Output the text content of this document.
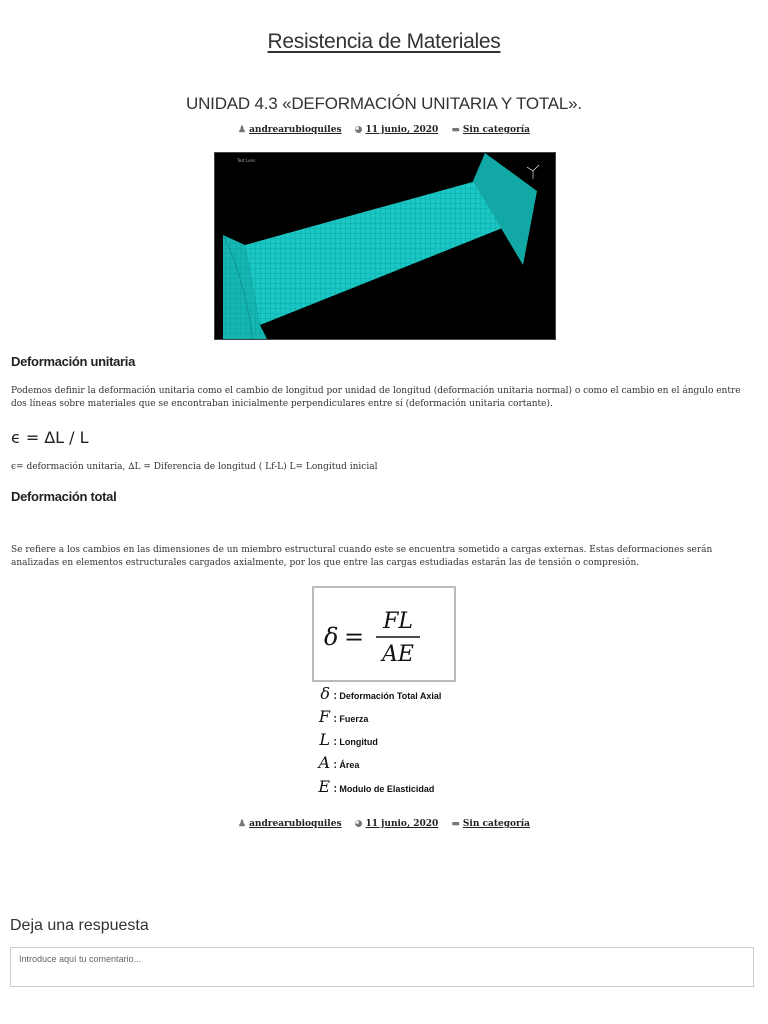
Resistencia de Materiales
UNIDAD 4.3 «DEFORMACIÓN UNITARIA Y TOTAL».
♟ andrearubioquiles ◕ 11 junio, 2020 ▬ Sin categoría
Test Lens
Deformación unitaria
Podemos definir la deformación unitaria como el cambio de longitud por unidad de longitud (deformación unitaria normal) o como el cambio en el ángulo entre dos líneas sobre materiales que se encontraban inicialmente perpendiculares entre sí (deformación unitaria cortante).
ϵ = ∆L / L
ϵ= deformación unitaria, ∆L = Diferencia de longitud ( Lf-L) L= Longitud inicial
Deformación total
Se refiere a los cambios en las dimensiones de un miembro estructural cuando este se encuentra sometido a cargas externas. Estas deformaciones serán analizadas en elementos estructurales cargados axialmente, por los que entre las cargas estudiadas estarán las de tensión o compresión.
δ =
FL
AE
δ : Deformación Total Axial
F : Fuerza
L : Longitud
A : Área
E : Modulo de Elasticidad
♟ andrearubioquiles ◕ 11 junio, 2020 ▬ Sin categoría
Deja una respuesta
Introduce aquí tu comentario...
